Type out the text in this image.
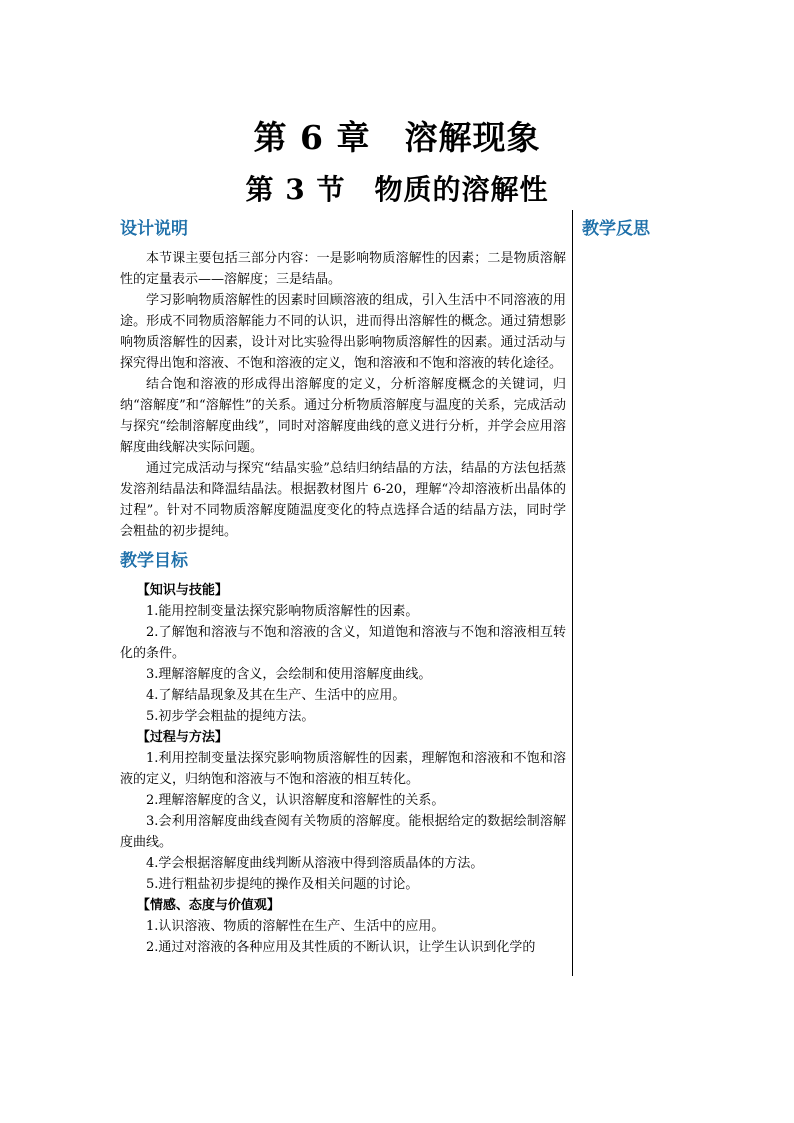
第 6 章　溶解现象
第 3 节　物质的溶解性
设计说明

本节课主要包括三部分内容：一是影响物质溶解性的因素；二是物质溶解性的定量表示——溶解度；三是结晶。

学习影响物质溶解性的因素时回顾溶液的组成，引入生活中不同溶液的用途。形成不同物质溶解能力不同的认识，进而得出溶解性的概念。通过猜想影响物质溶解性的因素，设计对比实验得出影响物质溶解性的因素。通过活动与探究得出饱和溶液、不饱和溶液的定义，饱和溶液和不饱和溶液的转化途径。

结合饱和溶液的形成得出溶解度的定义，分析溶解度概念的关键词，归纳“溶解度”和“溶解性”的关系。通过分析物质溶解度与温度的关系，完成活动与探究“绘制溶解度曲线”，同时对溶解度曲线的意义进行分析，并学会应用溶解度曲线解决实际问题。

通过完成活动与探究“结晶实验”总结归纳结晶的方法，结晶的方法包括蒸发溶剂结晶法和降温结晶法。根据教材图片 6-20，理解“冷却溶液析出晶体的过程”。针对不同物质溶解度随温度变化的特点选择合适的结晶方法，同时学会粗盐的初步提纯。

教学目标

【知识与技能】

1.能用控制变量法探究影响物质溶解性的因素。

2.了解饱和溶液与不饱和溶液的含义，知道饱和溶液与不饱和溶液相互转化的条件。

3.理解溶解度的含义，会绘制和使用溶解度曲线。

4.了解结晶现象及其在生产、生活中的应用。

5.初步学会粗盐的提纯方法。

【过程与方法】

1.利用控制变量法探究影响物质溶解性的因素，理解饱和溶液和不饱和溶液的定义，归纳饱和溶液与不饱和溶液的相互转化。

2.理解溶解度的含义，认识溶解度和溶解性的关系。

3.会利用溶解度曲线查阅有关物质的溶解度。能根据给定的数据绘制溶解度曲线。

4.学会根据溶解度曲线判断从溶液中得到溶质晶体的方法。

5.进行粗盐初步提纯的操作及相关问题的讨论。

【情感、态度与价值观】

1.认识溶液、物质的溶解性在生产、生活中的应用。

2.通过对溶液的各种应用及其性质的不断认识，让学生认识到化学的

教学反思
